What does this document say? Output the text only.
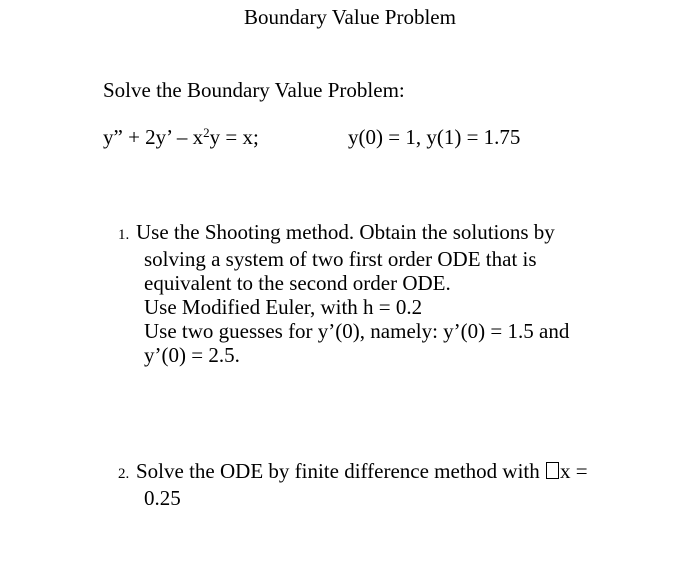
Boundary Value Problem
Solve the Boundary Value Problem:
y” + 2y’ – $x^2y = x$;	y(0) = 1, y(1) = 1.75
1. Use the Shooting method. Obtain the solutions by
solving a system of two first order ODE that is
equivalent to the second order ODE.
Use Modified Euler, with h = 0.2
Use two guesses for y’(0), namely: y’(0) = 1.5 and
y’(0) = 2.5.
2. Solve the ODE by finite difference method with x =
0.25
